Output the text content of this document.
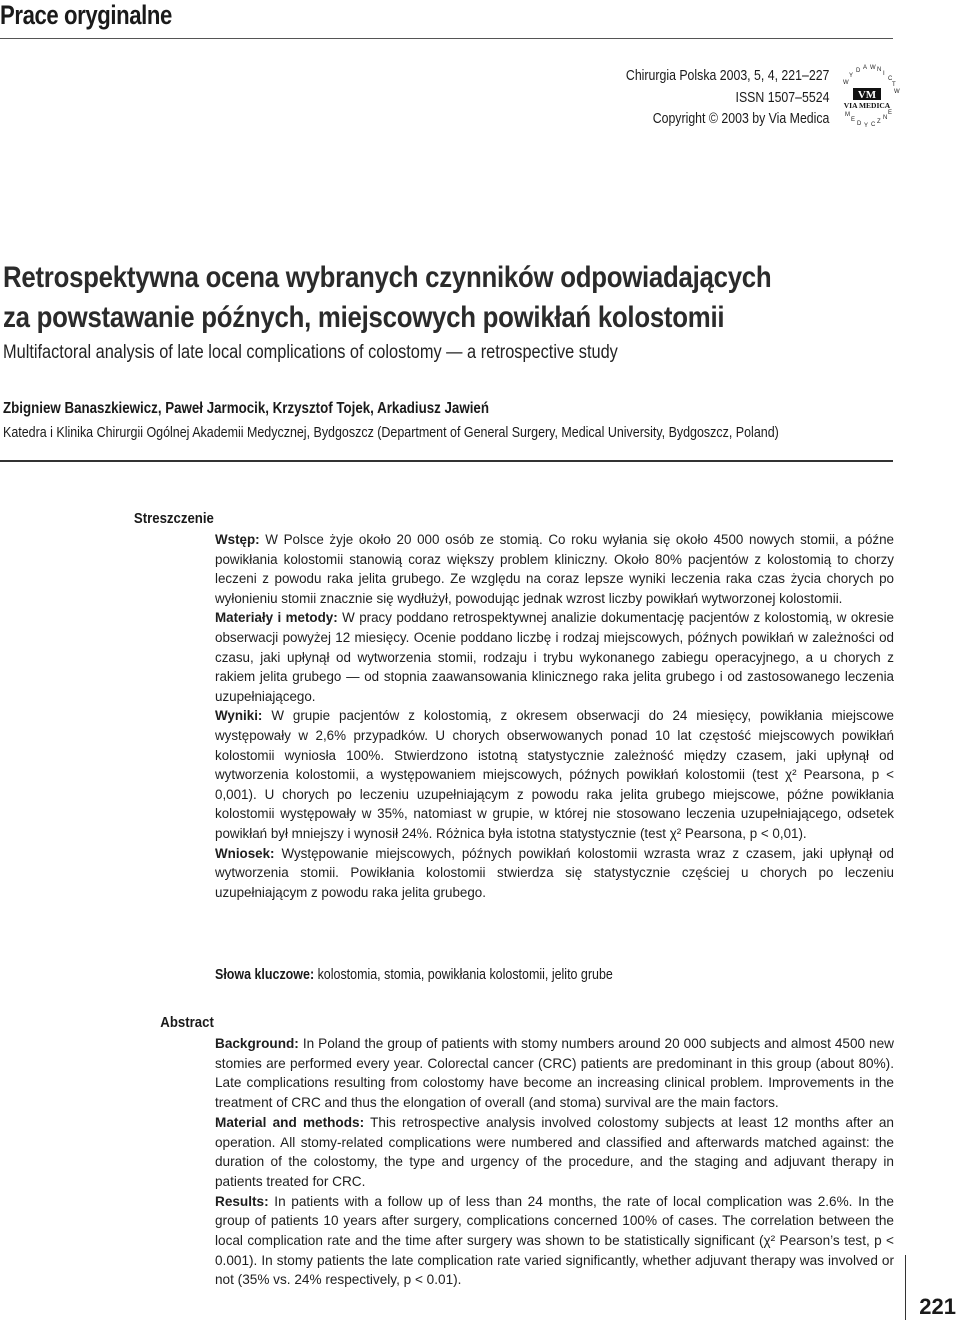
Prace oryginalne
Chirurgia Polska 2003, 5, 4, 221–227
ISSN 1507–5524
Copyright © 2003 by Via Medica
W
Y
D A W N
I
C
T
W
M
E
D Y C Z
N
E
VM
VIA MEDICA
Retrospektywna ocena wybranych czynników odpowiadających
za powstawanie późnych, miejscowych powikłań kolostomii
Multifactoral analysis of late local complications of colostomy — a retrospective study
Zbigniew Banaszkiewicz, Paweł Jarmocik, Krzysztof Tojek, Arkadiusz Jawień
Katedra i Klinika Chirurgii Ogólnej Akademii Medycznej, Bydgoszcz (Department of General Surgery, Medical University, Bydgoszcz, Poland)
Streszczenie

Wstęp: W Polsce żyje około 20 000 osób ze stomią. Co roku wyłania się około 4500 nowych stomii, a późne powikłania kolostomii stanowią coraz większy problem kliniczny. Około 80% pacjentów z kolostomią to chorzy leczeni z powodu raka jelita grubego. Ze względu na coraz lepsze wyniki leczenia raka czas życia chorych po wyłonieniu stomii znacznie się wydłużył, powodując jednak wzrost liczby powikłań wytworzonej kolostomii.

Materiały i metody: W pracy poddano retrospektywnej analizie dokumentację pacjentów z kolostomią, w okresie obserwacji powyżej 12 miesięcy. Ocenie poddano liczbę i rodzaj miejscowych, późnych powikłań w zależności od czasu, jaki upłynął od wytworzenia stomii, rodzaju i trybu wykonanego zabiegu operacyjnego, a u chorych z rakiem jelita grubego — od stopnia zaawansowania klinicznego raka jelita grubego i od zastosowanego leczenia uzupełniającego.

Wyniki: W grupie pacjentów z kolostomią, z okresem obserwacji do 24 miesięcy, powikłania miejscowe występowały w 2,6% przypadków. U chorych obserwowanych ponad 10 lat częstość miejscowych powikłań kolostomii wyniosła 100%. Stwierdzono istotną statystycznie zależność między czasem, jaki upłynął od wytworzenia kolostomii, a występowaniem miejscowych, późnych powikłań kolostomii (test χ² Pearsona, p < 0,001). U chorych po leczeniu uzupełniającym z powodu raka jelita grubego miejscowe, późne powikłania kolostomii występowały w 35%, natomiast w grupie, w której nie stosowano leczenia uzupełniającego, odsetek powikłań był mniejszy i wynosił 24%. Różnica była istotna statystycznie (test χ² Pearsona, p < 0,01).

Wniosek: Występowanie miejscowych, późnych powikłań kolostomii wzrasta wraz z czasem, jaki upłynął od wytworzenia stomii. Powikłania kolostomii stwierdza się statystycznie częściej u chorych po leczeniu uzupełniającym z powodu raka jelita grubego.

Słowa kluczowe: kolostomia, stomia, powikłania kolostomii, jelito grube
Abstract

Background: In Poland the group of patients with stomy numbers around 20 000 subjects and almost 4500 new stomies are performed every year. Colorectal cancer (CRC) patients are predominant in this group (about 80%). Late complications resulting from colostomy have become an increasing clinical problem. Improvements in the treatment of CRC and thus the elongation of overall (and stoma) survival are the main factors.

Material and methods: This retrospective analysis involved colostomy subjects at least 12 months after an operation. All stomy-related complications were numbered and classified and afterwards matched against: the duration of the colostomy, the type and urgency of the procedure, and the staging and adjuvant therapy in patients treated for CRC.

Results: In patients with a follow up of less than 24 months, the rate of local complication was 2.6%. In the group of patients 10 years after surgery, complications concerned 100% of cases. The correlation between the local complication rate and the time after surgery was shown to be statistically significant (χ² Pearson’s test, p < 0.001). In stomy patients the late complication rate varied significantly, whether adjuvant therapy was involved or not (35% vs. 24% respectively, p < 0.01).

221
